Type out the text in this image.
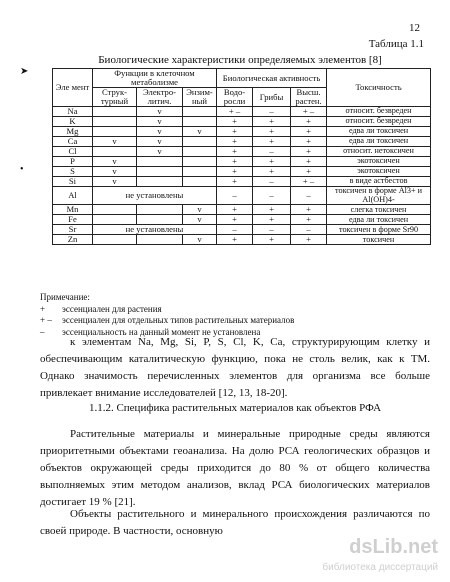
12
Таблица 1.1
Биологические характеристики определяемых элементов [8]
➤
•
Эле мент	Функции в клеточном метаболизме			Биологическая активность			Токсичность
	Струк-турный	Электро-литич.	Энзим-ный	Водо-росли	Грибы	Высш. растен.	
Na		v		+ –	–	+ –	относит. безвреден
K		v		+	+	+	относит. безвреден
Mg		v	v	+	+	+	едва ли токсичен
Ca	v	v		+	+	+	едва ли токсичен
Cl		v		+	–	+	относит. нетоксичен
P	v			+	+	+	экотоксичен
S	v			+	+	+	экотоксичен
Si	v			+	–	+ –	в виде астбестов
Al	не установлены			–	–	–	токсичен в форме Al3+ и Al(OH)4-
Mn			v	+	+	+	слегка токсичен
Fe			v	+	+	+	едва ли токсичен
Sr	не установлены			–	–	–	токсичен в форме Sr90
Zn			v	+	+	+	токсичен
Примечание:
+	эссенциален для растения
+ –	эссенциален для отдельных типов растительных материалов
–	эссенциальность на данный момент не установлена
к элементам Na, Mg, Si, P, S, Cl, K, Ca, структурирующим клетку и обеспечивающим каталитическую функцию, пока не столь велик, как к ТМ. Однако значимость перечисленных элементов для организма все больше привлекает внимание исследователей [12, 13, 18-20].
1.1.2. Специфика растительных материалов как объектов РФА
Растительные материалы и минеральные природные среды являются приоритетными объектами геоанализа. На долю РСА геологических образцов и объектов окружающей среды приходится до 80 % от общего количества выполняемых этим методом анализов, вклад РСА биологических материалов достигает 19 % [21].
Объекты растительного и минерального происхождения различаются по своей природе. В частности, основную
dsLib.net
библиотека диссертаций
